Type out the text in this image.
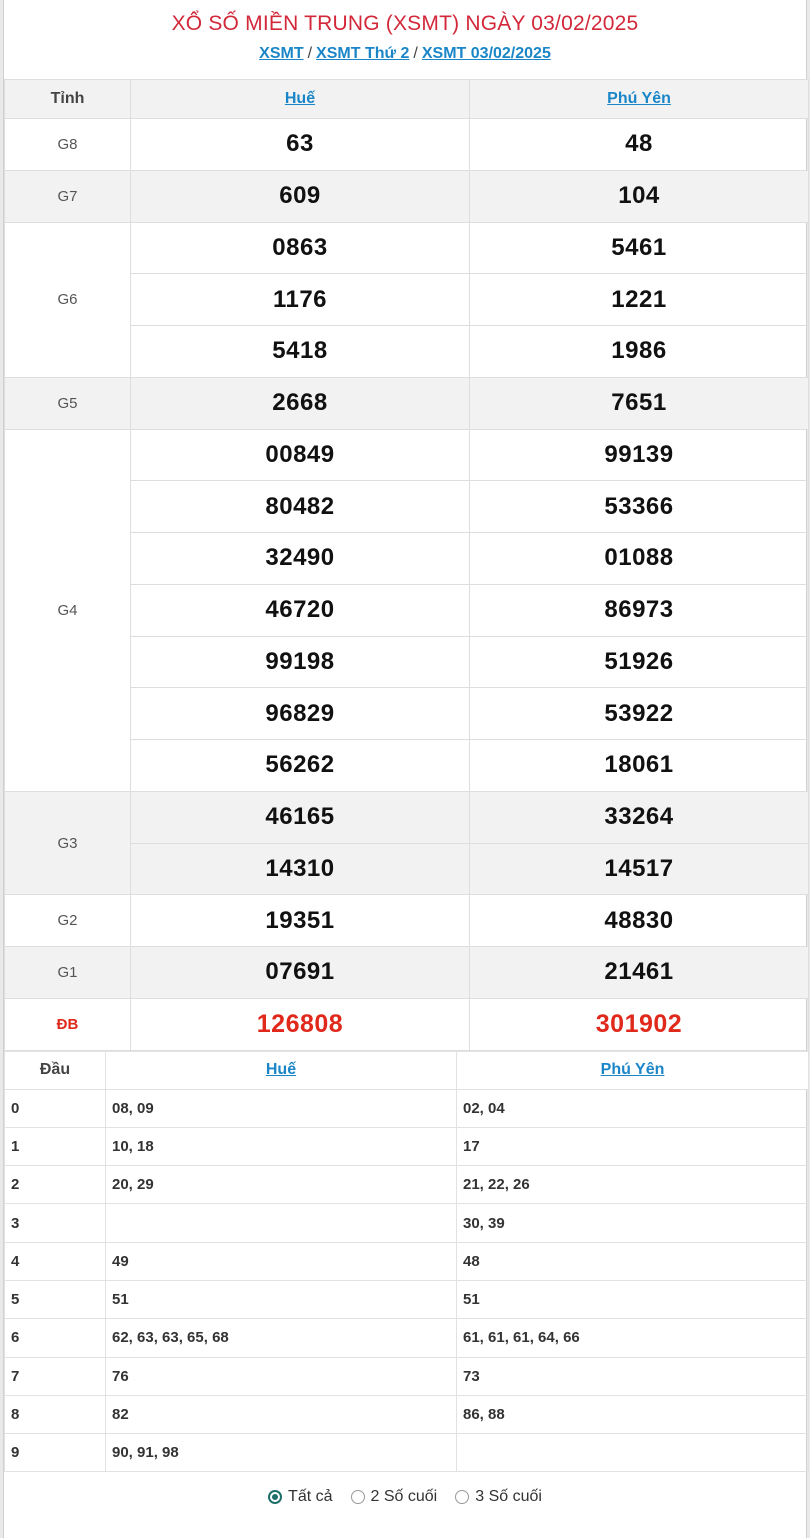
XỔ SỐ MIỀN TRUNG (XSMT) NGÀY 03/02/2025
XSMT / XSMT Thứ 2 / XSMT 03/02/2025
Tỉnh	Huế	Phú Yên
G8	63	48
G7	609	104
G6	0863	5461
	1176	1221
	5418	1986
G5	2668	7651
G4	00849	99139
	80482	53366
	32490	01088
	46720	86973
	99198	51926
	96829	53922
	56262	18061
G3	46165	33264
	14310	14517
G2	19351	48830
G1	07691	21461
ĐB	126808	301902
Đầu	Huế	Phú Yên
0	08, 09	02, 04
1	10, 18	17
2	20, 29	21, 22, 26
3		30, 39
4	49	48
5	51	51
6	62, 63, 63, 65, 68	61, 61, 61, 64, 66
7	76	73
8	82	86, 88
9	90, 91, 98	
Tất cả 2 Số cuối 3 Số cuối
